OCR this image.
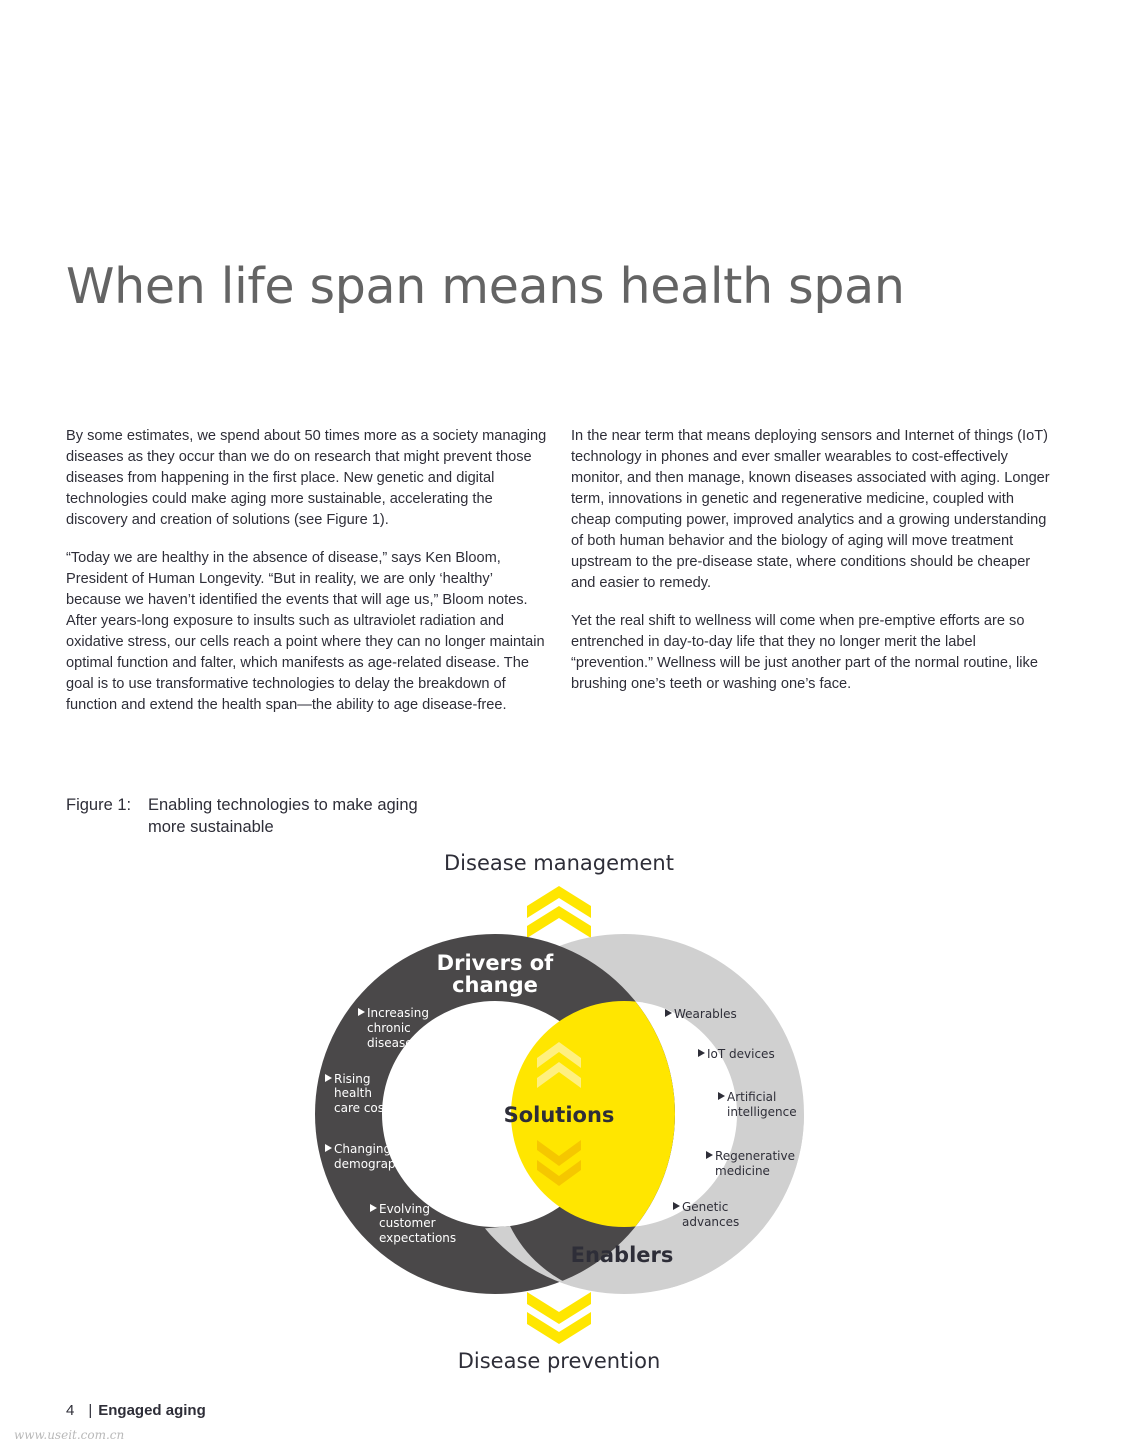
When life span means health span

By some estimates, we spend about 50 times more as a society managing diseases as they occur than we do on research that might prevent those diseases from happening in the first place. New genetic and digital technologies could make aging more sustainable, accelerating the discovery and creation of solutions (see Figure 1).

“Today we are healthy in the absence of disease,” says Ken Bloom, President of Human Longevity. “But in reality, we are only ‘healthy’ because we haven’t identified the events that will age us,” Bloom notes. After years-long exposure to insults such as ultraviolet radiation and oxidative stress, our cells reach a point where they can no longer maintain optimal function and falter, which manifests as age-related disease. The goal is to use transformative technologies to delay the breakdown of function and extend the health span—the ability to age disease-free.

In the near term that means deploying sensors and Internet of things (IoT) technology in phones and ever smaller wearables to cost-effectively monitor, and then manage, known diseases associated with aging. Longer term, innovations in genetic and regenerative medicine, coupled with cheap computing power, improved analytics and a growing understanding of both human behavior and the biology of aging will move treatment upstream to the pre-disease state, where conditions should be cheaper and easier to remedy.

Yet the real shift to wellness will come when pre-emptive efforts are so entrenched in day-to-day life that they no longer merit the label “prevention.” Wellness will be just another part of the normal routine, like brushing one’s teeth or washing one’s face.

Figure 1: Enabling technologies to make aging
more sustainable
Disease management
Solutions
Drivers of
change
Enablers
Increasing
chronic
disease
Rising
health
care costs
Changing
demographics
Evolving
customer
expectations
Wearables
IoT devices
Artificial
intelligence
Regenerative
medicine
Genetic
advances
Disease prevention
4 | Engaged aging
www.useit.com.cn
